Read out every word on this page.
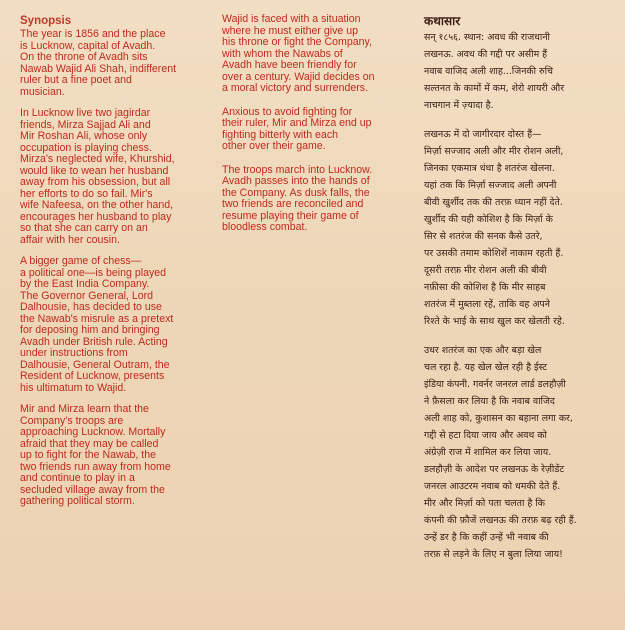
Synopsis

The year is 1856 and the place
is Lucknow, capital of Avadh.
On the throne of Avadh sits
Nawab Wajid Ali Shah, indifferent
ruler but a fine poet and
musician.

In Lucknow live two jagirdar
friends, Mirza Sajjad Ali and
Mir Roshan Ali, whose only
occupation is playing chess.
Mirza's neglected wife, Khurshid,
would like to wean her husband
away from his obsession, but all
her efforts to do so fail. Mir's
wife Nafeesa, on the other hand,
encourages her husband to play
so that she can carry on an
affair with her cousin.

A bigger game of chess—
a political one—is being played
by the East India Company.
The Governor General, Lord
Dalhousie, has decided to use
the Nawab's misrule as a pretext
for deposing him and bringing
Avadh under British rule. Acting
under instructions from
Dalhousie, General Outram, the
Resident of Lucknow, presents
his ultimatum to Wajid.

Mir and Mirza learn that the
Company's troops are
approaching Lucknow. Mortally
afraid that they may be called
up to fight for the Nawab, the
two friends run away from home
and continue to play in a
secluded village away from the
gathering political storm.

Wajid is faced with a situation
where he must either give up
his throne or fight the Company,
with whom the Nawabs of
Avadh have been friendly for
over a century. Wajid decides on
a moral victory and surrenders.

Anxious to avoid fighting for
their ruler, Mir and Mirza end up
fighting bitterly with each
other over their game.

The troops march into Lucknow.
Avadh passes into the hands of
the Company. As dusk falls, the
two friends are reconciled and
resume playing their game of
bloodless combat.

कथासार

सन् १८५६. स्थान: अवध की राजधानी
लखनऊ. अवध की गद्दी पर असीम हैं
नवाब वाजिद अली शाह...जिनकी रुचि
सल्तनत के कामों में कम, शेरो शायरी और
नाचगान में ज़्यादा है.

लखनऊ में दो जागीरदार दोस्त हैं—
मिर्ज़ा सज्जाद अली और मीर रोशन अली,
जिनका एकमात्र धंधा है शतरंज खेलना.
यहां तक कि मिर्ज़ा सज्जाद अली अपनी
बीवी खुर्शीद तक की तरफ़ ध्यान नहीं देते.
खुर्शीद की यही कोशिश है कि मिर्ज़ा के
सिर से शतरंज की सनक कैसे उतरे,
पर उसकी तमाम कोशिशें नाकाम रहती हैं.
दूसरी तरफ़ मीर रोशन अली की बीवी
नफ़ीसा की कोशिश है कि मीर साहब
शतरंज में मुब्तला रहें, ताकि वह अपने
रिश्ते के भाई के साथ खुल कर खेलती रहे.

उधर शतरंज का एक और बड़ा खेल
चल रहा है. यह खेल खेल रही है ईस्ट
इंडिया कंपनी. गवर्नर जनरल लार्ड डलहौज़ी
ने फ़ैसला कर लिया है कि नवाब वाजिद
अली शाह को, कुशासन का बहाना लगा कर,
गद्दी से हटा दिया जाय और अवध को
अंग्रेज़ी राज में शामिल कर लिया जाय.
डलहौज़ी के आदेश पर लखनऊ के रेज़ीडेंट
जनरल आउटरम नवाब को धमकी देते हैं.
मीर और मिर्ज़ा को पता चलता है कि
कंपनी की फ़ौजें लखनऊ की तरफ़ बढ़ रही हैं.
उन्हें डर है कि कहीं उन्हें भी नवाब की
तरफ़ से लड़ने के लिए न बुला लिया जाय!
